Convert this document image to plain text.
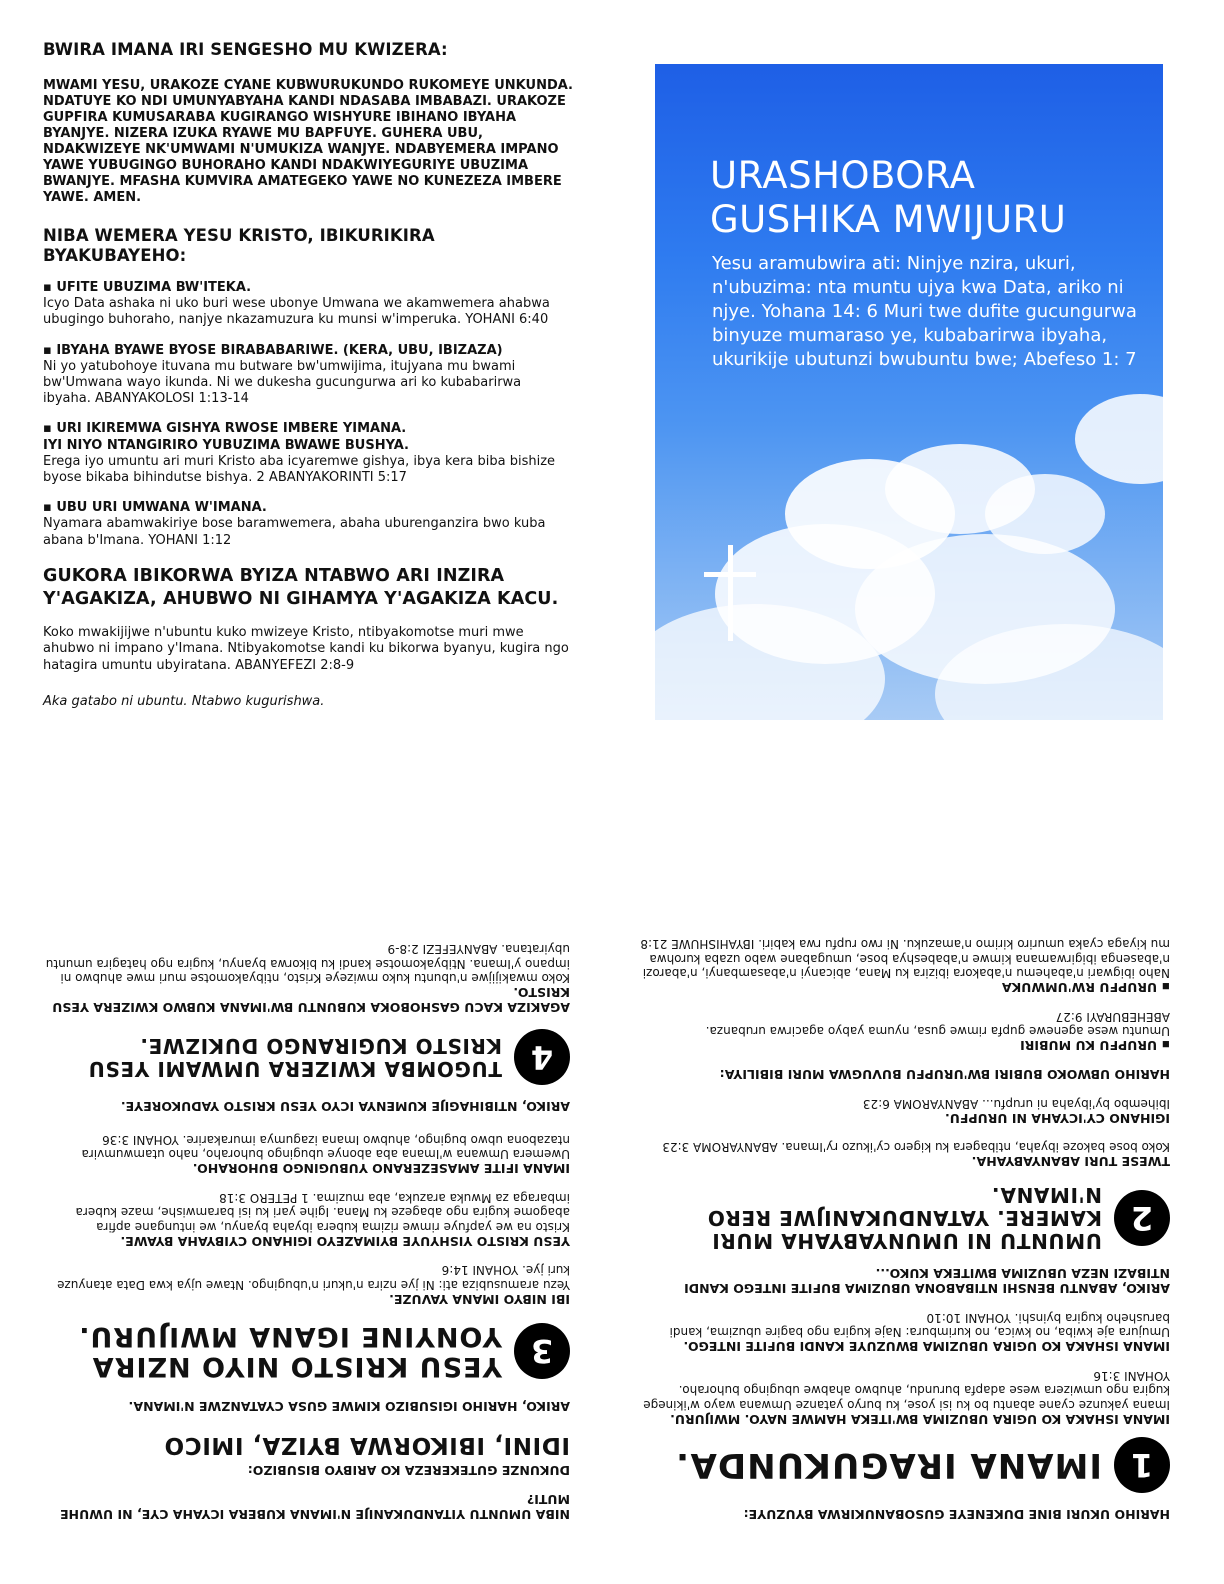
BWIRA IMANA IRI SENGESHO MU KWIZERA:

MWAMI YESU, URAKOZE CYANE KUBWURUKUNDO RUKOMEYE UNKUNDA. NDATUYE KO NDI UMUNYABYAHA KANDI NDASABA IMBABAZI. URAKOZE GUPFIRA KUMUSARABA KUGIRANGO WISHYURE IBIHANO IBYAHA BYANJYE. NIZERA IZUKA RYAWE MU BAPFUYE. GUHERA UBU, NDAKWIZEYE NK'UMWAMI N'UMUKIZA WANJYE. NDABYEMERA IMPANO YAWE YUBUGINGO BUHORAHO KANDI NDAKWIYEGURIYE UBUZIMA BWANJYE. MFASHA KUMVIRA AMATEGEKO YAWE NO KUNEZEZA IMBERE YAWE. AMEN.

NIBA WEMERA YESU KRISTO, IBIKURIKIRA BYAKUBAYEHO:
▪ UFITE UBUZIMA BW'ITEKA.
Icyo Data ashaka ni uko buri wese ubonye Umwana we akamwemera ahabwa ubugingo buhoraho, nanjye nkazamuzura ku munsi w'imperuka. YOHANI 6:40
▪ IBYAHA BYAWE BYOSE BIRABABARIWE. (KERA, UBU, IBIZAZA)
Ni yo yatubohoye ituvana mu butware bw'umwijima, itujyana mu bwami bw'Umwana wayo ikunda. Ni we dukesha gucungurwa ari ko kubabarirwa ibyaha. ABANYAKOLOSI 1:13-14
▪ URI IKIREMWA GISHYA RWOSE IMBERE YIMANA.
IYI NIYO NTANGIRIRO YUBUZIMA BWAWE BUSHYA.
Erega iyo umuntu ari muri Kristo aba icyaremwe gishya, ibya kera biba bishize byose bikaba bihindutse bishya. 2 ABANYAKORINTI 5:17
▪ UBU URI UMWANA W'IMANA.
Nyamara abamwakiriye bose baramwemera, abaha uburenganzira bwo kuba abana b'Imana. YOHANI 1:12
GUKORA IBIKORWA BYIZA NTABWO ARI INZIRA Y'AGAKIZA, AHUBWO NI GIHAMYA Y'AGAKIZA KACU.

Koko mwakijijwe n'ubuntu kuko mwizeye Kristo, ntibyakomotse muri mwe ahubwo ni impano y'Imana. Ntibyakomotse kandi ku bikorwa byanyu, kugira ngo hatagira umuntu ubyiratana. ABANYEFEZI 2:8-9

Aka gatabo ni ubuntu. Ntabwo kugurishwa.

URASHOBORA GUSHIKA MWIJURU
Yesu aramubwira ati: Ninjye nzira, ukuri, n'ubuzima: nta muntu ujya kwa Data, ariko ni njye. Yohana 14: 6 Muri twe dufite gucungurwa binyuze mumaraso ye, kubabarirwa ibyaha, ukurikije ubutunzi bwubuntu bwe; Abefeso 1: 7
NIBA UMUNTU YITANDUKANIJE N'IMANA KUBERA ICYAHA CYE, NI UWUHE MUTI?
DUKUNZE GUTEKEREZA KO ARIBYO BISUBIZO:
IDINI, IBIKORWA BYIZA, IMICO
ARIKO, HARIHO IGISUBIZO KIMWE GUSA CYATANZWE N'IMANA.
3
YESU KRISTO NIYO NZIRA YONYINE IGANA MWIJURU.
IBI NIBYO IMANA YAVUZE.
Yezu aramusubiza ati: Ni jye nzira n'ukuri n'ubugingo. Ntawe ujya kwa Data atanyuze kuri jye. YOHANI 14:6
YESU KRISTO YISHYUYE BYIMAZEYO IGIHANO CYIBYAHA BYAWE.
Kristo na we yapfuye rimwe rizima kubera ibyaha byanyu, we intungane apfira abagome kugira ngo abageze ku Mana. Igihe yari ku isi baramwishe, maze kubera imbaraga za Mwuka arazuka, aba muzima. 1 PETERO 3:18
IMANA IFITE AMASEZERANO YUBUGINGO BUHORAHO.
Uwemera Umwana w'Imana aba abonye ubugingo buhoraho, naho utamwumvira ntazabona ubwo bugingo, ahubwo Imana izagumya imurakarire. YOHANI 3:36
ARIKO, NTIBIHAGIJE KUMENYA ICYO YESU KRISTO YADUKOREYE.
4
TUGOMBA KWIZERA UMWAMI YESU KRISTO KUGIRANGO DUKIZWE.
AGAKIZA KACU GASHOBOKA KUBUNTU BW'IMANA KUBWO KWIZERA YESU KRISTO.
Koko mwakijijwe n'ubuntu kuko mwizeye Kristo, ntibyakomotse muri mwe ahubwo ni impano y'Imana. Ntibyakomotse kandi ku bikorwa byanyu, kugira ngo hatagira umuntu ubyiratana. ABANYEFEZI 2:8-9
HARIHO UKURI BINE DUKENEYE GUSOBANUKIRWA BYUZUYE:
1
IMANA IRAGUKUNDA.
IMANA ISHAKA KO UGIRA UBUZIMA BW'ITEKA HAMWE NAYO. MWIJURU.
Imana yakunze cyane abantu bo ku isi yose, ku buryo yatanze Umwana wayo w'ikinege kugira ngo umwizera wese adapfa burundu, ahubwo ahabwe ubugingo buhoraho. YOHANI 3:16
IMANA ISHAKA KO UGIRA UBUZIMA BWUZUYE KANDI BUFITE INTEGO.
Umujura aje kwiba, no kwica, no kurimbura: Naje kugira ngo bagire ubuzima, kandi barusheho kugira byinshi. YOHANI 10:10
ARIKO, ABANTU BENSHI NTIBABONA UBUZIMA BUFITE INTEGO KANDI NTIBAZI NEZA UBUZIMA BWITEKA KUKO...
2
UMUNTU NI UMUNYABYAHA MURI KAMERE. YATANDUKANIJWE RERO N'IMANA.
TWESE TURI ABANYABYAHA.
Koko bose bakoze ibyaha, ntibagera ku kigero cy'ikuzo ry'Imana. ABANYAROMA 3:23
IGIHANO CY'ICYAHA NI URUPFU.
Ibihembo by'ibyaha ni urupfu... ABANYAROMA 6:23
HARIHO UBWOKO BUBIRI BW'URUPFU BUVUGWA MURI BIBILIYA:
▪ URUPFU KU MUBIRI
Umuntu wese agenewe gupfa rimwe gusa, nyuma yabyo agacirwa urubanza. ABEHEBURAYI 9:27
▪ URUPFU RW'UMWUKA
Naho ibigwari n'abahemu n'abakora ibizira ku Mana, abicanyi n'abasambanyi, n'abarozi n'abasenga ibigirwamana kimwe n'ababeshya bose, umugabane wabo uzaba kurohwa mu kiyaga cyaka umuriro kirimo n'amazuku. Ni rwo rupfu rwa kabiri. IBYAHISHUWE 21:8
